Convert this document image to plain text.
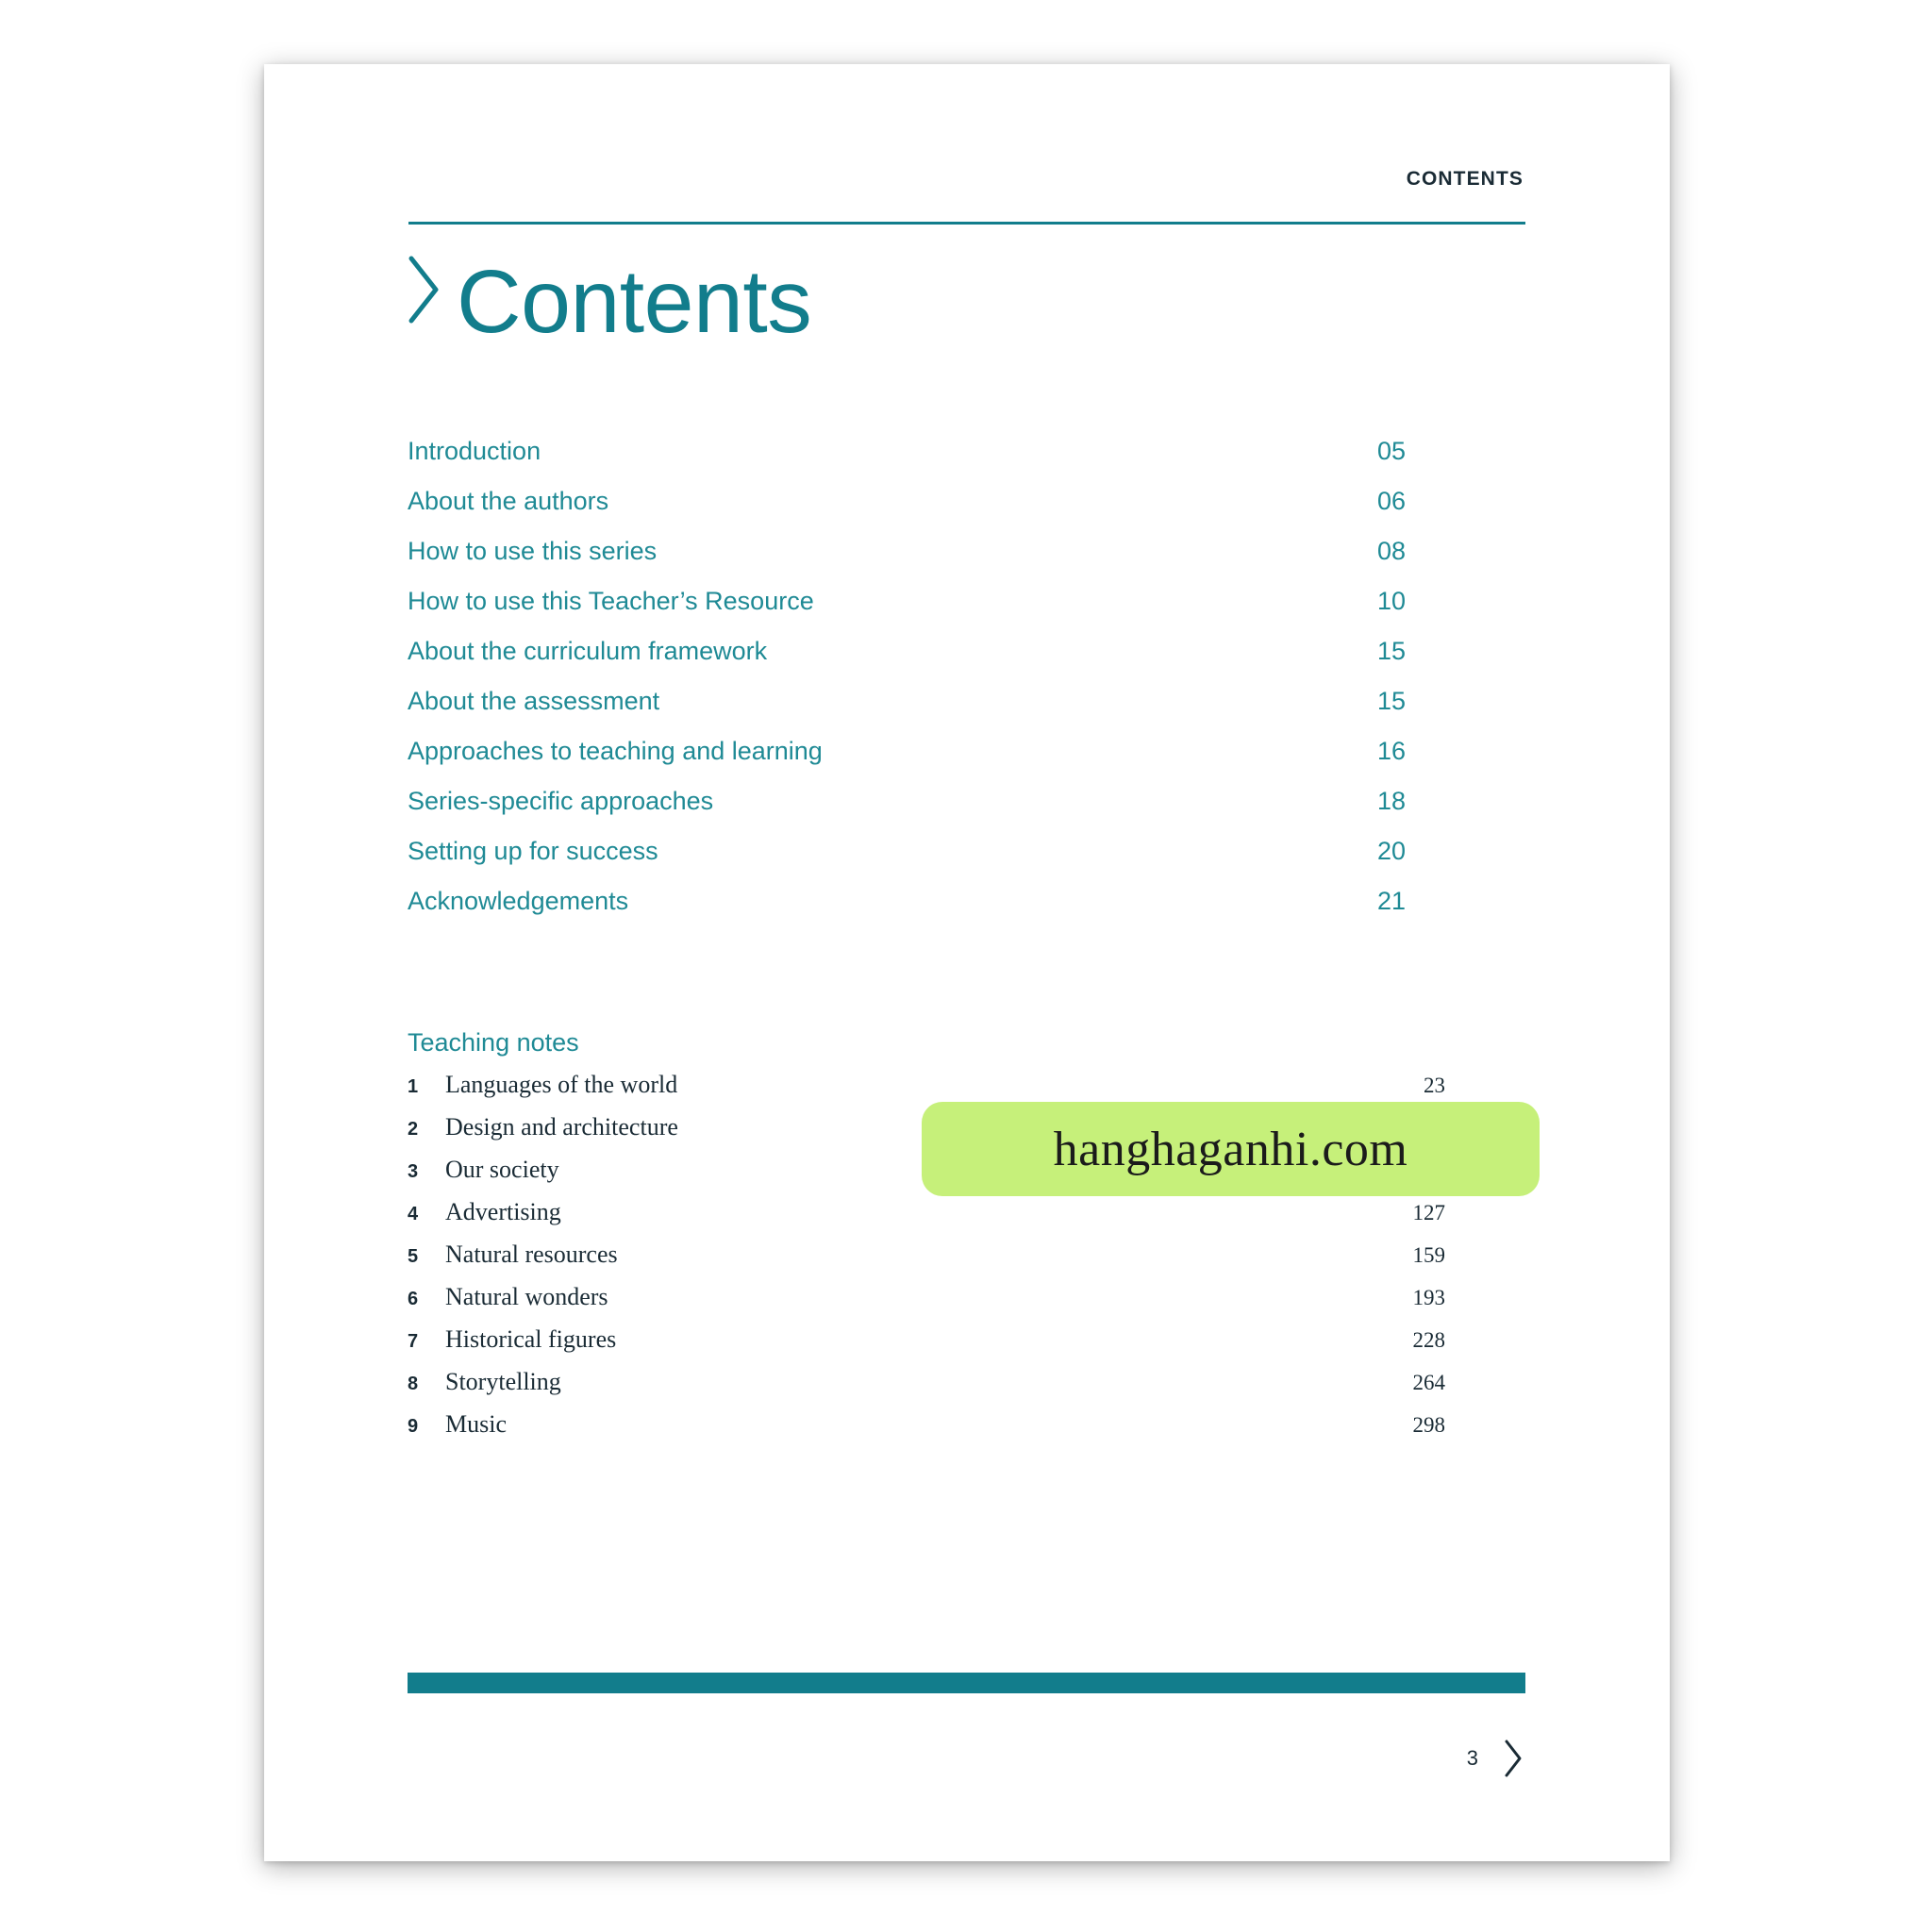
CONTENTS
Contents
Introduction	05
About the authors	06
How to use this series	08
How to use this Teacher’s Resource	10
About the curriculum framework	15
About the assessment	15
Approaches to teaching and learning	16
Series-specific approaches	18
Setting up for success	20
Acknowledgements	21
Teaching notes
1	Languages of the world	23
2	Design and architecture
3	Our society
4	Advertising	127
5	Natural resources	159
6	Natural wonders	193
7	Historical figures	228
8	Storytelling	264
9	Music	298
3
hanghaganhi.com
